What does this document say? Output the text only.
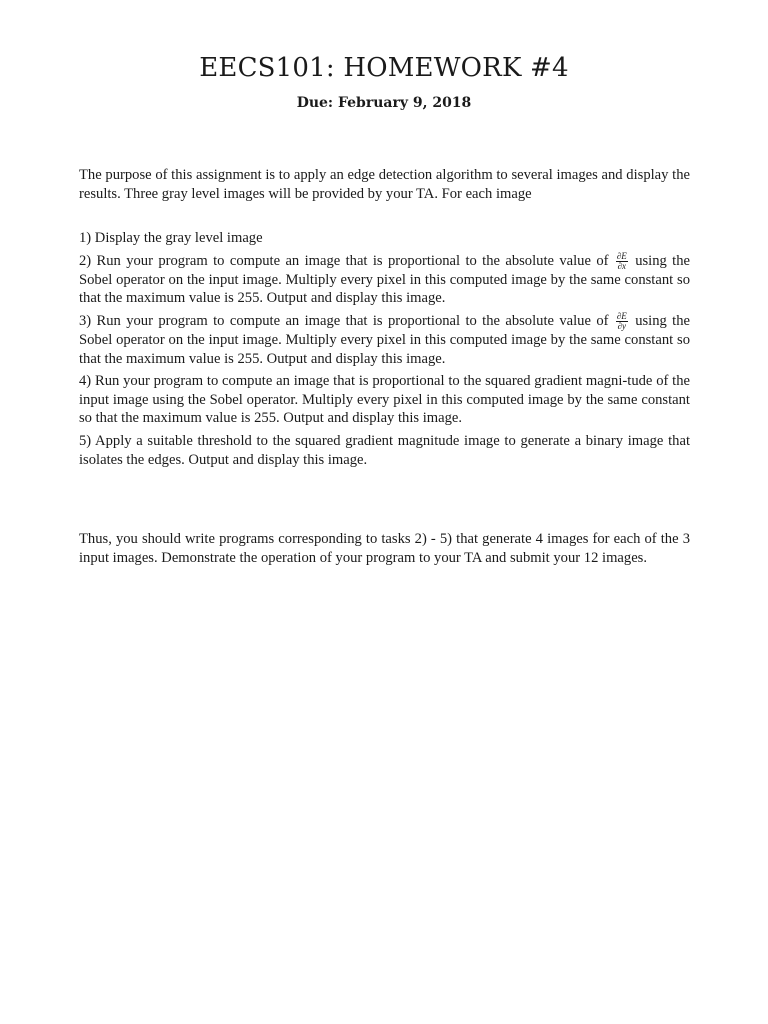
EECS101: HOMEWORK #4
Due: February 9, 2018

The purpose of this assignment is to apply an edge detection algorithm to several images and display the results. Three gray level images will be provided by your TA. For each image

1) Display the gray level image

2) Run your program to compute an image that is proportional to the absolute value of $\frac{\partial E}{\partial x}$ using the Sobel operator on the input image. Multiply every pixel in this computed image by the same constant so that the maximum value is 255. Output and display this image.

3) Run your program to compute an image that is proportional to the absolute value of $\frac{\partial E}{\partial y}$ using the Sobel operator on the input image. Multiply every pixel in this computed image by the same constant so that the maximum value is 255. Output and display this image.

4) Run your program to compute an image that is proportional to the squared gradient magni-tude of the input image using the Sobel operator. Multiply every pixel in this computed image by the same constant so that the maximum value is 255. Output and display this image.

5) Apply a suitable threshold to the squared gradient magnitude image to generate a binary image that isolates the edges. Output and display this image.

Thus, you should write programs corresponding to tasks 2) - 5) that generate 4 images for each of the 3 input images. Demonstrate the operation of your program to your TA and submit your 12 images.
